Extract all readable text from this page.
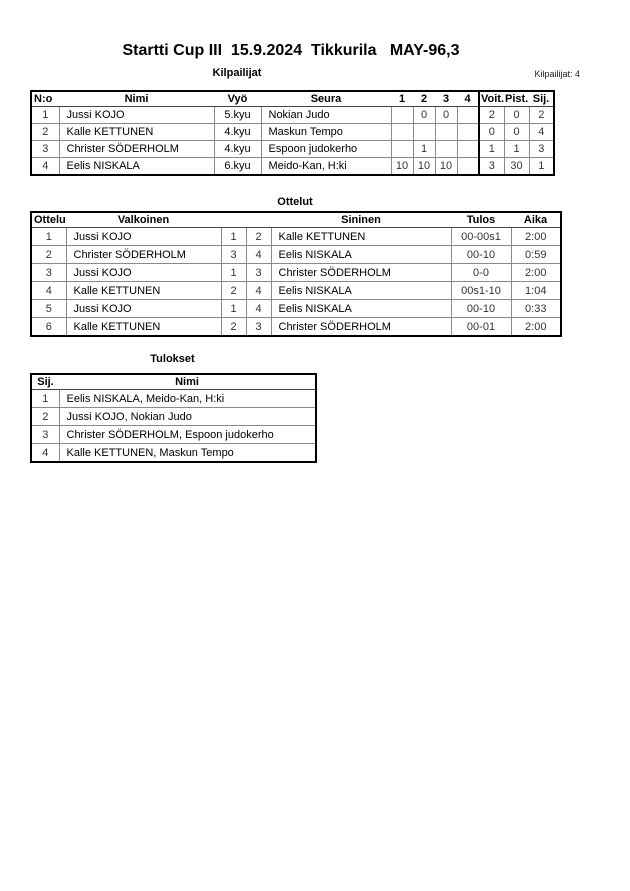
Startti Cup III  15.9.2024  Tikkurila   MAY-96,3
Kilpailijat	Kilpailijat: 4
N:o	Nimi	Vyö	Seura	1	2	3	4	Voit.	Pist.	Sij.
1	Jussi KOJO	5.kyu	Nokian Judo		0	0		2	0	2
2	Kalle KETTUNEN	4.kyu	Maskun Tempo					0	0	4
3	Christer SÖDERHOLM	4.kyu	Espoon judokerho		1			1	1	3
4	Eelis NISKALA	6.kyu	Meido-Kan, H:ki	10	10	10		3	30	1
Ottelut
Ottelu	Valkoinen			Sininen	Tulos	Aika
1	Jussi KOJO	1	2	Kalle KETTUNEN	00-00s1	2:00
2	Christer SÖDERHOLM	3	4	Eelis NISKALA	00-10	0:59
3	Jussi KOJO	1	3	Christer SÖDERHOLM	0-0	2:00
4	Kalle KETTUNEN	2	4	Eelis NISKALA	00s1-10	1:04
5	Jussi KOJO	1	4	Eelis NISKALA	00-10	0:33
6	Kalle KETTUNEN	2	3	Christer SÖDERHOLM	00-01	2:00
Tulokset
Sij.	Nimi
1	Eelis NISKALA, Meido-Kan, H:ki
2	Jussi KOJO, Nokian Judo
3	Christer SÖDERHOLM, Espoon judokerho
4	Kalle KETTUNEN, Maskun Tempo
